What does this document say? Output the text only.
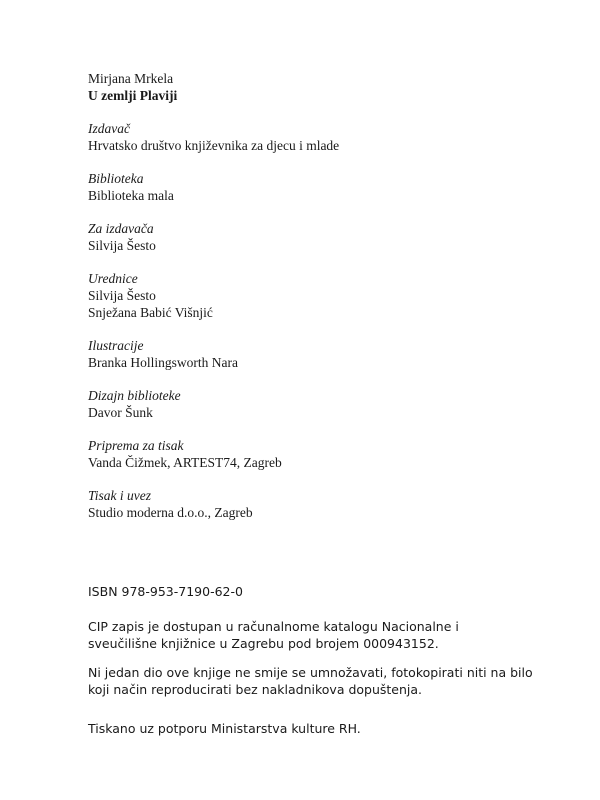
Mirjana Mrkela

U zemlji Plaviji

Izdavač

Hrvatsko društvo književnika za djecu i mlade

Biblioteka

Biblioteka mala

Za izdavača

Silvija Šesto

Urednice

Silvija Šesto

Snježana Babić Višnjić

Ilustracije

Branka Hollingsworth Nara

Dizajn biblioteke

Davor Šunk

Priprema za tisak

Vanda Čižmek, ARTEST74, Zagreb

Tisak i uvez

Studio moderna d.o.o., Zagreb

ISBN 978-953-7190-62-0

CIP zapis je dostupan u računalnome katalogu Nacionalne i

sveučilišne knjižnice u Zagrebu pod brojem 000943152.

Ni jedan dio ove knjige ne smije se umnožavati, fotokopirati niti na bilo

koji način reproducirati bez nakladnikova dopuštenja.

Tiskano uz potporu Ministarstva kulture RH.
